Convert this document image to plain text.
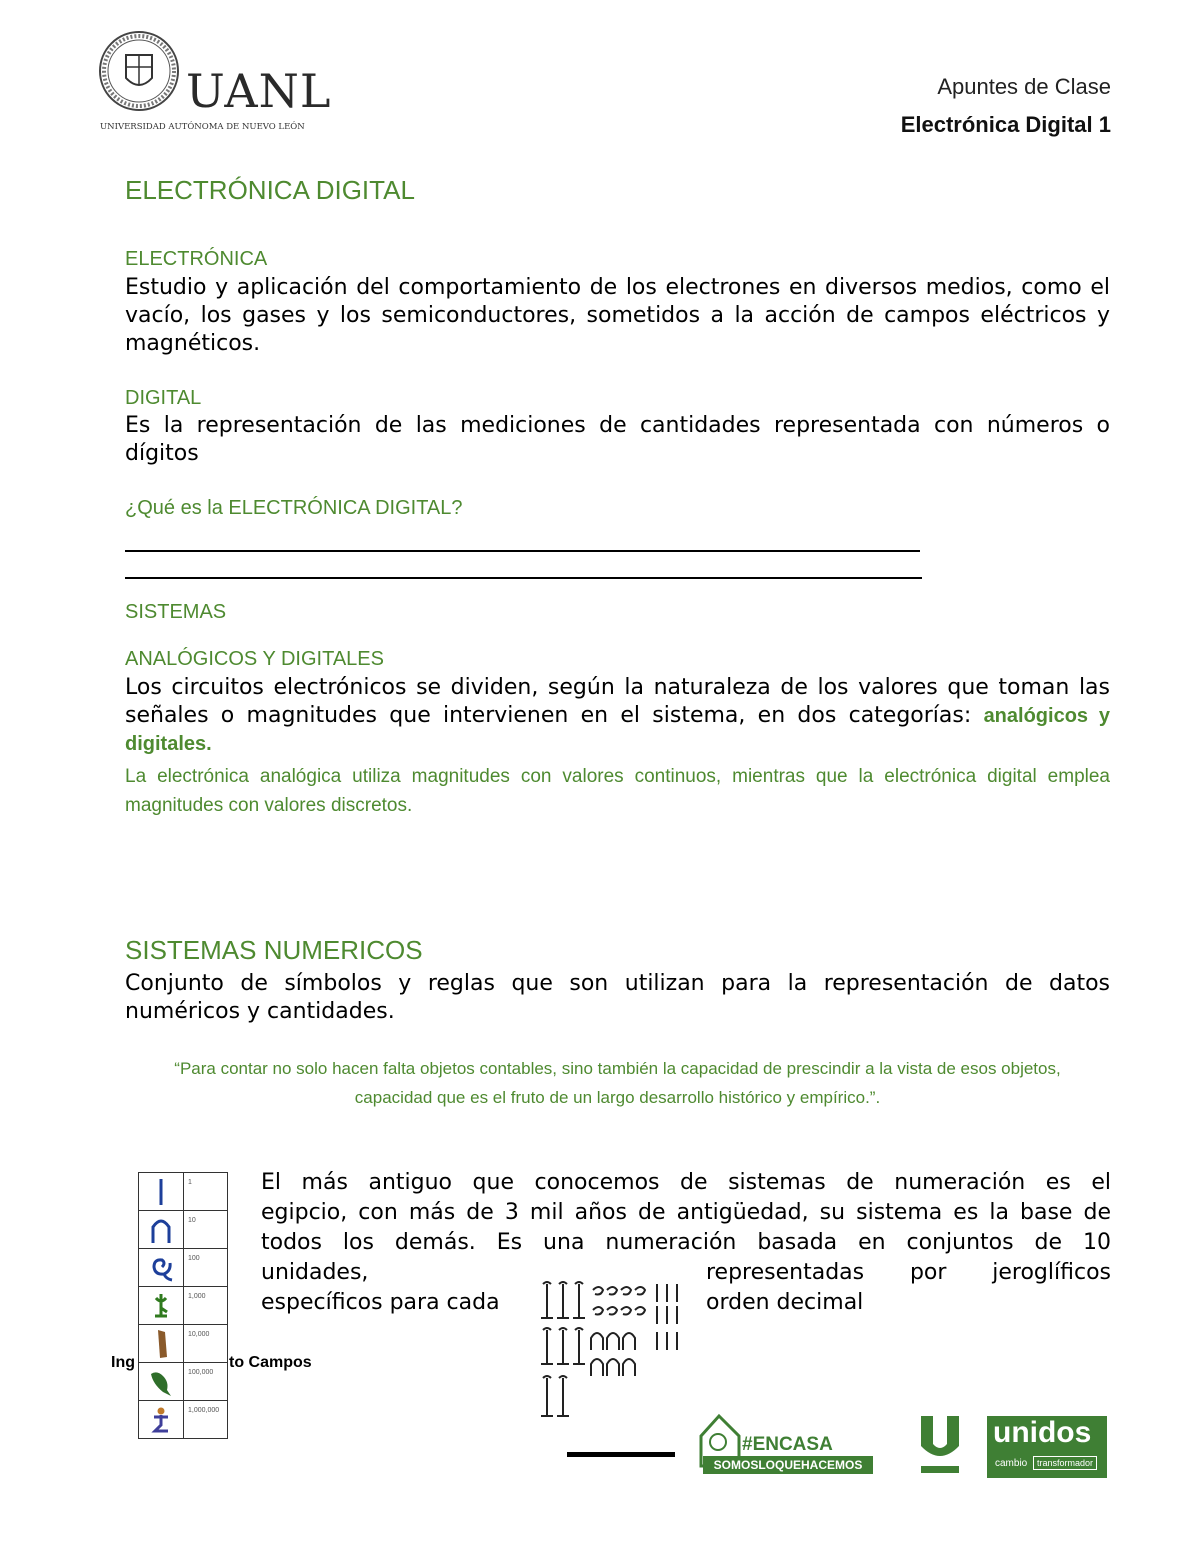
UANL
UNIVERSIDAD AUTÓNOMA DE NUEVO LEÓN
Apuntes de Clase
Electrónica Digital 1
ELECTRÓNICA DIGITAL
ELECTRÓNICA
Estudio y aplicación del comportamiento de los electrones en diversos medios, como el vacío, los gases y los semiconductores, sometidos a la acción de campos eléctricos y magnéticos.
DIGITAL
Es la representación de las mediciones de cantidades representada con números o dígitos
¿Qué es la ELECTRÓNICA DIGITAL?
SISTEMAS
ANALÓGICOS Y DIGITALES
Los circuitos electrónicos se dividen, según la naturaleza de los valores que toman las señales o magnitudes que intervienen en el sistema, en dos categorías: analógicos y digitales.
La electrónica analógica utiliza magnitudes con valores continuos, mientras que la electrónica digital emplea magnitudes con valores discretos.
SISTEMAS NUMERICOS
Conjunto de símbolos y reglas que son utilizan para la representación de datos numéricos y cantidades.
“Para contar no solo hacen falta objetos contables, sino también la capacidad de prescindir a la vista de esos objetos, capacidad que es el fruto de un largo desarrollo histórico y empírico.”.
1
10
100
1,000
10,000
100,000
1,000,000
Ing	to Campos
El más antiguo que conocemos de sistemas de numeración es el
egipcio, con más de 3 mil años de antigüedad, su sistema es la base de
todos los demás. Es una numeración basada en conjuntos de 10
unidades,	representadas por jeroglíficos
específicos para cada	orden decimal
#ENCASA
SOMOSLOQUEHACEMOS
unidos
cambio	transformador
